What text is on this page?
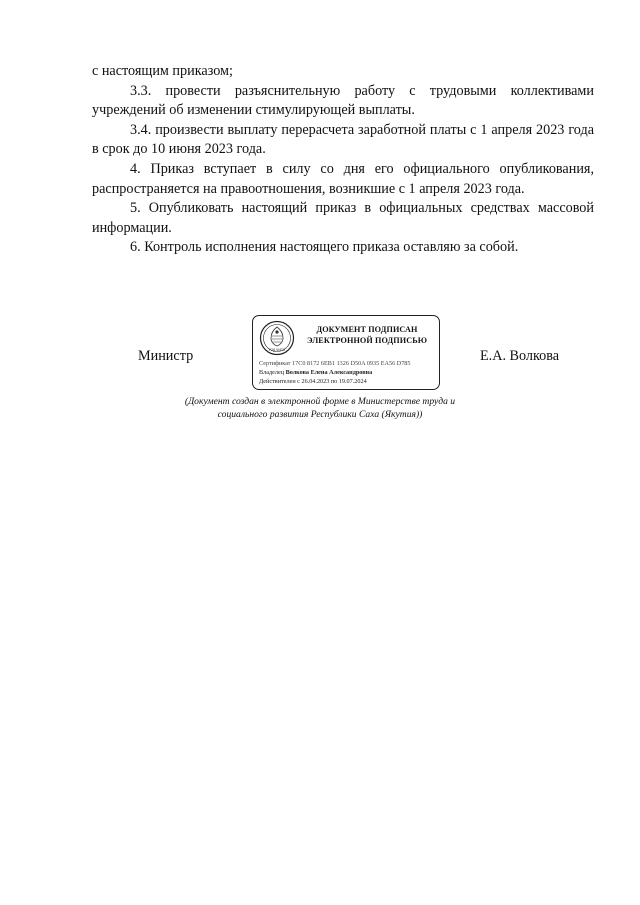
с настоящим приказом;

3.3. провести разъяснительную работу с трудовыми коллективами учреждений об изменении стимулирующей выплаты.

3.4. произвести выплату перерасчета заработной платы с 1 апреля 2023 года в срок до 10 июня 2023 года.

4. Приказ вступает в силу со дня его официального опубликования, распространяется на правоотношения, возникшие с 1 апреля 2023 года.

5. Опубликовать настоящий приказ в официальных средствах массовой информации.

6. Контроль исполнения настоящего приказа оставляю за собой.

Министр	ГОД ЧИСЛ
ДОКУМЕНТ ПОДПИСАН
ЭЛЕКТРОННОЙ ПОДПИСЬЮ
Сертификат 17C0 8172 6EB1 1326 D50A 0935 EA56 D785
Владелец Волкова Елена Александровна
Действителен с 26.04.2023 по 19.07.2024
Е.А. Волкова
(Документ создан в электронной форме в Министерстве труда и
социального развития Республики Саха (Якутия))
